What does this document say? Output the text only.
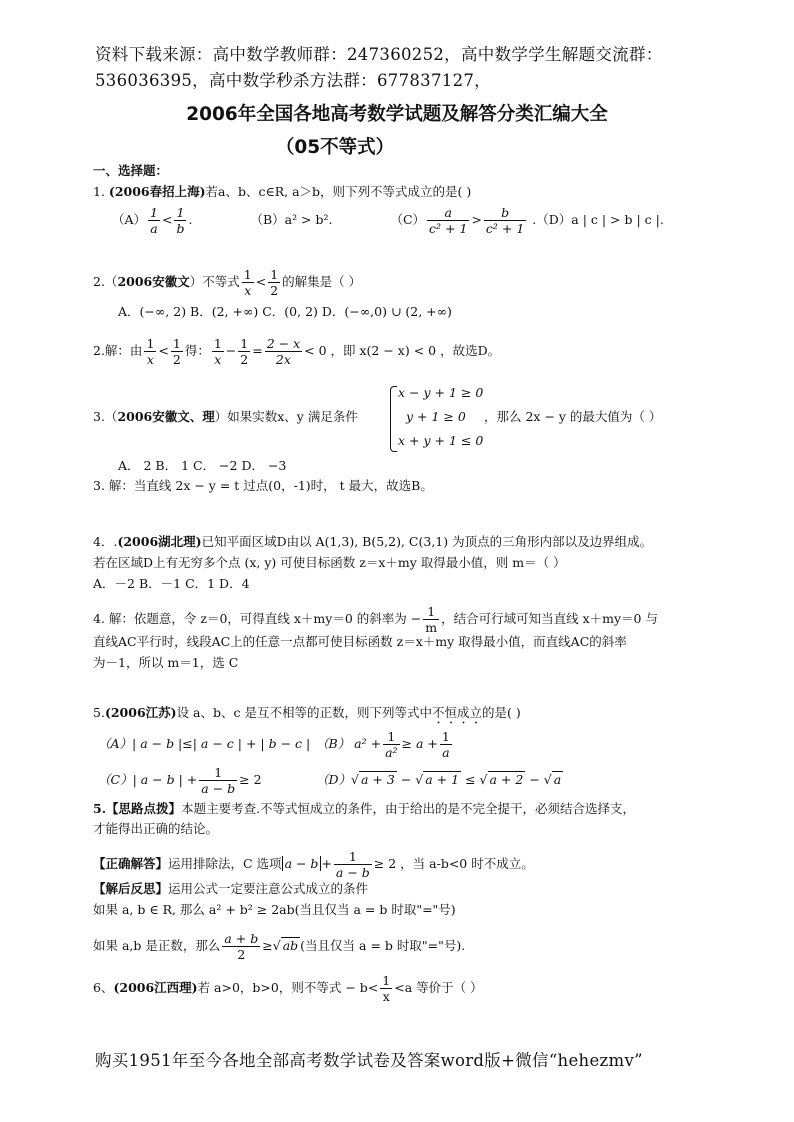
资料下载来源：高中数学教师群：247360252，高中数学学生解题交流群：
536036395，高中数学秒杀方法群：677837127，
2006年全国各地高考数学试题及解答分类汇编大全
（05不等式）
一、选择题：
1. (2006春招上海)若a、b、c∈R, a＞b，则下列不等式成立的是( )
$(A) \frac{1}{a} < \frac{1}{b}$ .	（B）a² > b².	$(C) \frac{a}{\text{c² + 1}} > \frac{b}{\text{c² + 1}} .(D)a$ | c | > b | c |.
2.（2006安徽文）不等式 $\frac{1}{x} < \frac{1}{2}$ 的解集是（ ）
A．(−∞, 2) B．(2, +∞) C．(0, 2) D．(−∞,0) ∪ (2, +∞)
2.解：由 $\frac{1}{x} < \frac{1}{2}$ 得： $\frac{1}{x} - \frac{1}{2} = \frac{2 - x}{2x} < 0$ ，即 x(2 − x) < 0 ，故选D。
3.（2006安徽文、理）如果实数x、y 满足条件
x − y + 1 ≥ 0
y + 1 ≥ 0
x + y + 1 ≤ 0
，那么 2x − y 的最大值为（ ）
A． 2 B． 1 C． −2 D． −3
3. 解：当直线 2x − y = t 过点(0，-1)时， t 最大，故选B。
4．.(2006湖北理)已知平面区域D由以 A(1,3), B(5,2), C(3,1) 为顶点的三角形内部以及边界组成。
若在区域D上有无穷多个点 (x, y) 可使目标函数 z＝x＋my 取得最小值，则 m＝（ ）
A．－2 B．－1 C．1 D．4
4. 解：依题意，令 z＝0，可得直线 x＋my＝0 的斜率为 − $\frac{1}{m}$ ，结合可行域可知当直线 x＋my＝0 与
直线AC平行时，线段AC上的任意一点都可使目标函数 z＝x＋my 取得最小值，而直线AC的斜率
为－1，所以 m＝1，选 C
5.(2006江苏)设 a、b、c 是互不相等的正数，则下列等式中不恒成立的是( )
（A）| a − b |≤| a − c | + | b − c | （B） $a^2 + \frac{1}{\text{a²}} \ge a + \frac{1}{a}$
（C）| a − b | + $\frac{1}{a - b} \ge 2$	（D）√ a + 3 − √ a + 1 ≤ √ a + 2 − √ a
5.【思路点拨】本题主要考查.不等式恒成立的条件，由于给出的是不完全提干，必须结合选择支，
才能得出正确的结论。
【正确解答】运用排除法，C 选项 $a - b + \frac{1}{a - b} \ge 2$ ，当 a-b<0 时不成立。
【解后反思】运用公式一定要注意公式成立的条件
如果 a, b ∈ R, 那么 a² + b² ≥ 2ab(当且仅当 a = b 时取"="号)
如果 a,b 是正数，那么 $\frac{a + b}{2}$ ≥√ ab (当且仅当 a = b 时取"="号).
6、(2006江西理)若 a>0，b>0，则不等式 − $b< \frac{1}{x} <a$ 等价于（ ）
购买1951年至今各地全部高考数学试卷及答案word版+微信“hehezmv”
